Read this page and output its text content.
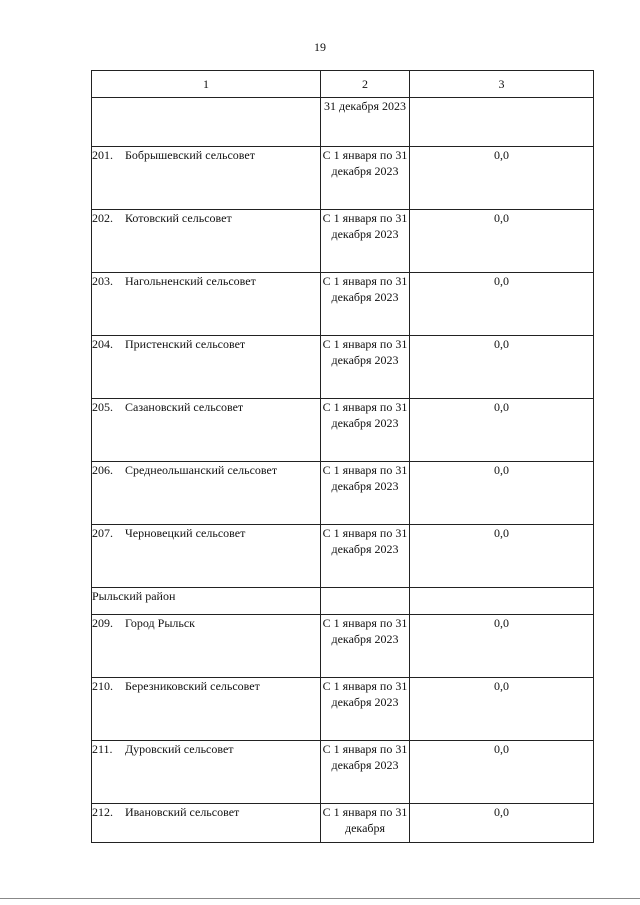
19
1	2	3
	31 декабря 2023	
201. Бобрышевский сельсовет	С 1 января по 31 декабря 2023	0,0
202. Котовский сельсовет	С 1 января по 31 декабря 2023	0,0
203. Нагольненский сельсовет	С 1 января по 31 декабря 2023	0,0
204. Пристенский сельсовет	С 1 января по 31 декабря 2023	0,0
205. Сазановский сельсовет	С 1 января по 31 декабря 2023	0,0
206. Среднеольшанский сельсовет	С 1 января по 31 декабря 2023	0,0
207. Черновецкий сельсовет	С 1 января по 31 декабря 2023	0,0
Рыльский район		
209. Город Рыльск	С 1 января по 31 декабря 2023	0,0
210. Березниковский сельсовет	С 1 января по 31 декабря 2023	0,0
211. Дуровский сельсовет	С 1 января по 31 декабря 2023	0,0
212. Ивановский сельсовет	С 1 января по 31 декабря	0,0
